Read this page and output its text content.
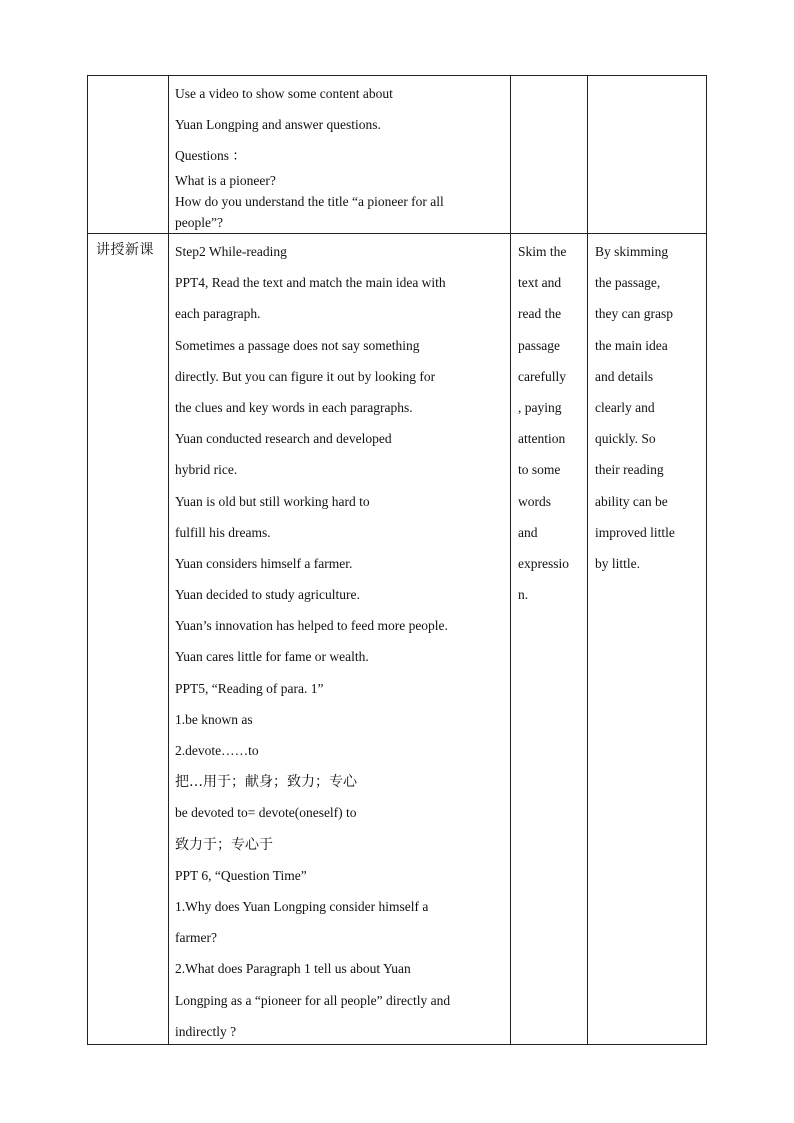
Use a video to show some content about

Yuan Longping and answer questions.

Questions ：

What is a pioneer?

How do you understand the title “a pioneer for all

people”?

讲授新课	Step2 While-reading

PPT4, Read the text and match the main idea with

each paragraph.

Sometimes a passage does not say something

directly. But you can figure it out by looking for

the clues and key words in each paragraphs.

Yuan conducted research and developed

hybrid rice.

Yuan is old but still working hard to

fulfill his dreams.

Yuan considers himself a farmer.

Yuan decided to study agriculture.

Yuan’s innovation has helped to feed more people.

Yuan cares little for fame or wealth.

PPT5, “Reading of para. 1”

1.be known as

2.devote……to

把…用于；献身；致力；专心

be devoted to= devote(oneself) to

致力于；专心于

PPT 6, “Question Time”

1.Why does Yuan Longping consider himself a

farmer?

2.What does Paragraph 1 tell us about Yuan

Longping as a “pioneer for all people” directly and

indirectly ?

Skim the

text and

read the

passage

carefully

, paying

attention

to some

words

and

expressio

n.

By skimming

the passage,

they can grasp

the main idea

and details

clearly and

quickly. So

their reading

ability can be

improved little

by little.
